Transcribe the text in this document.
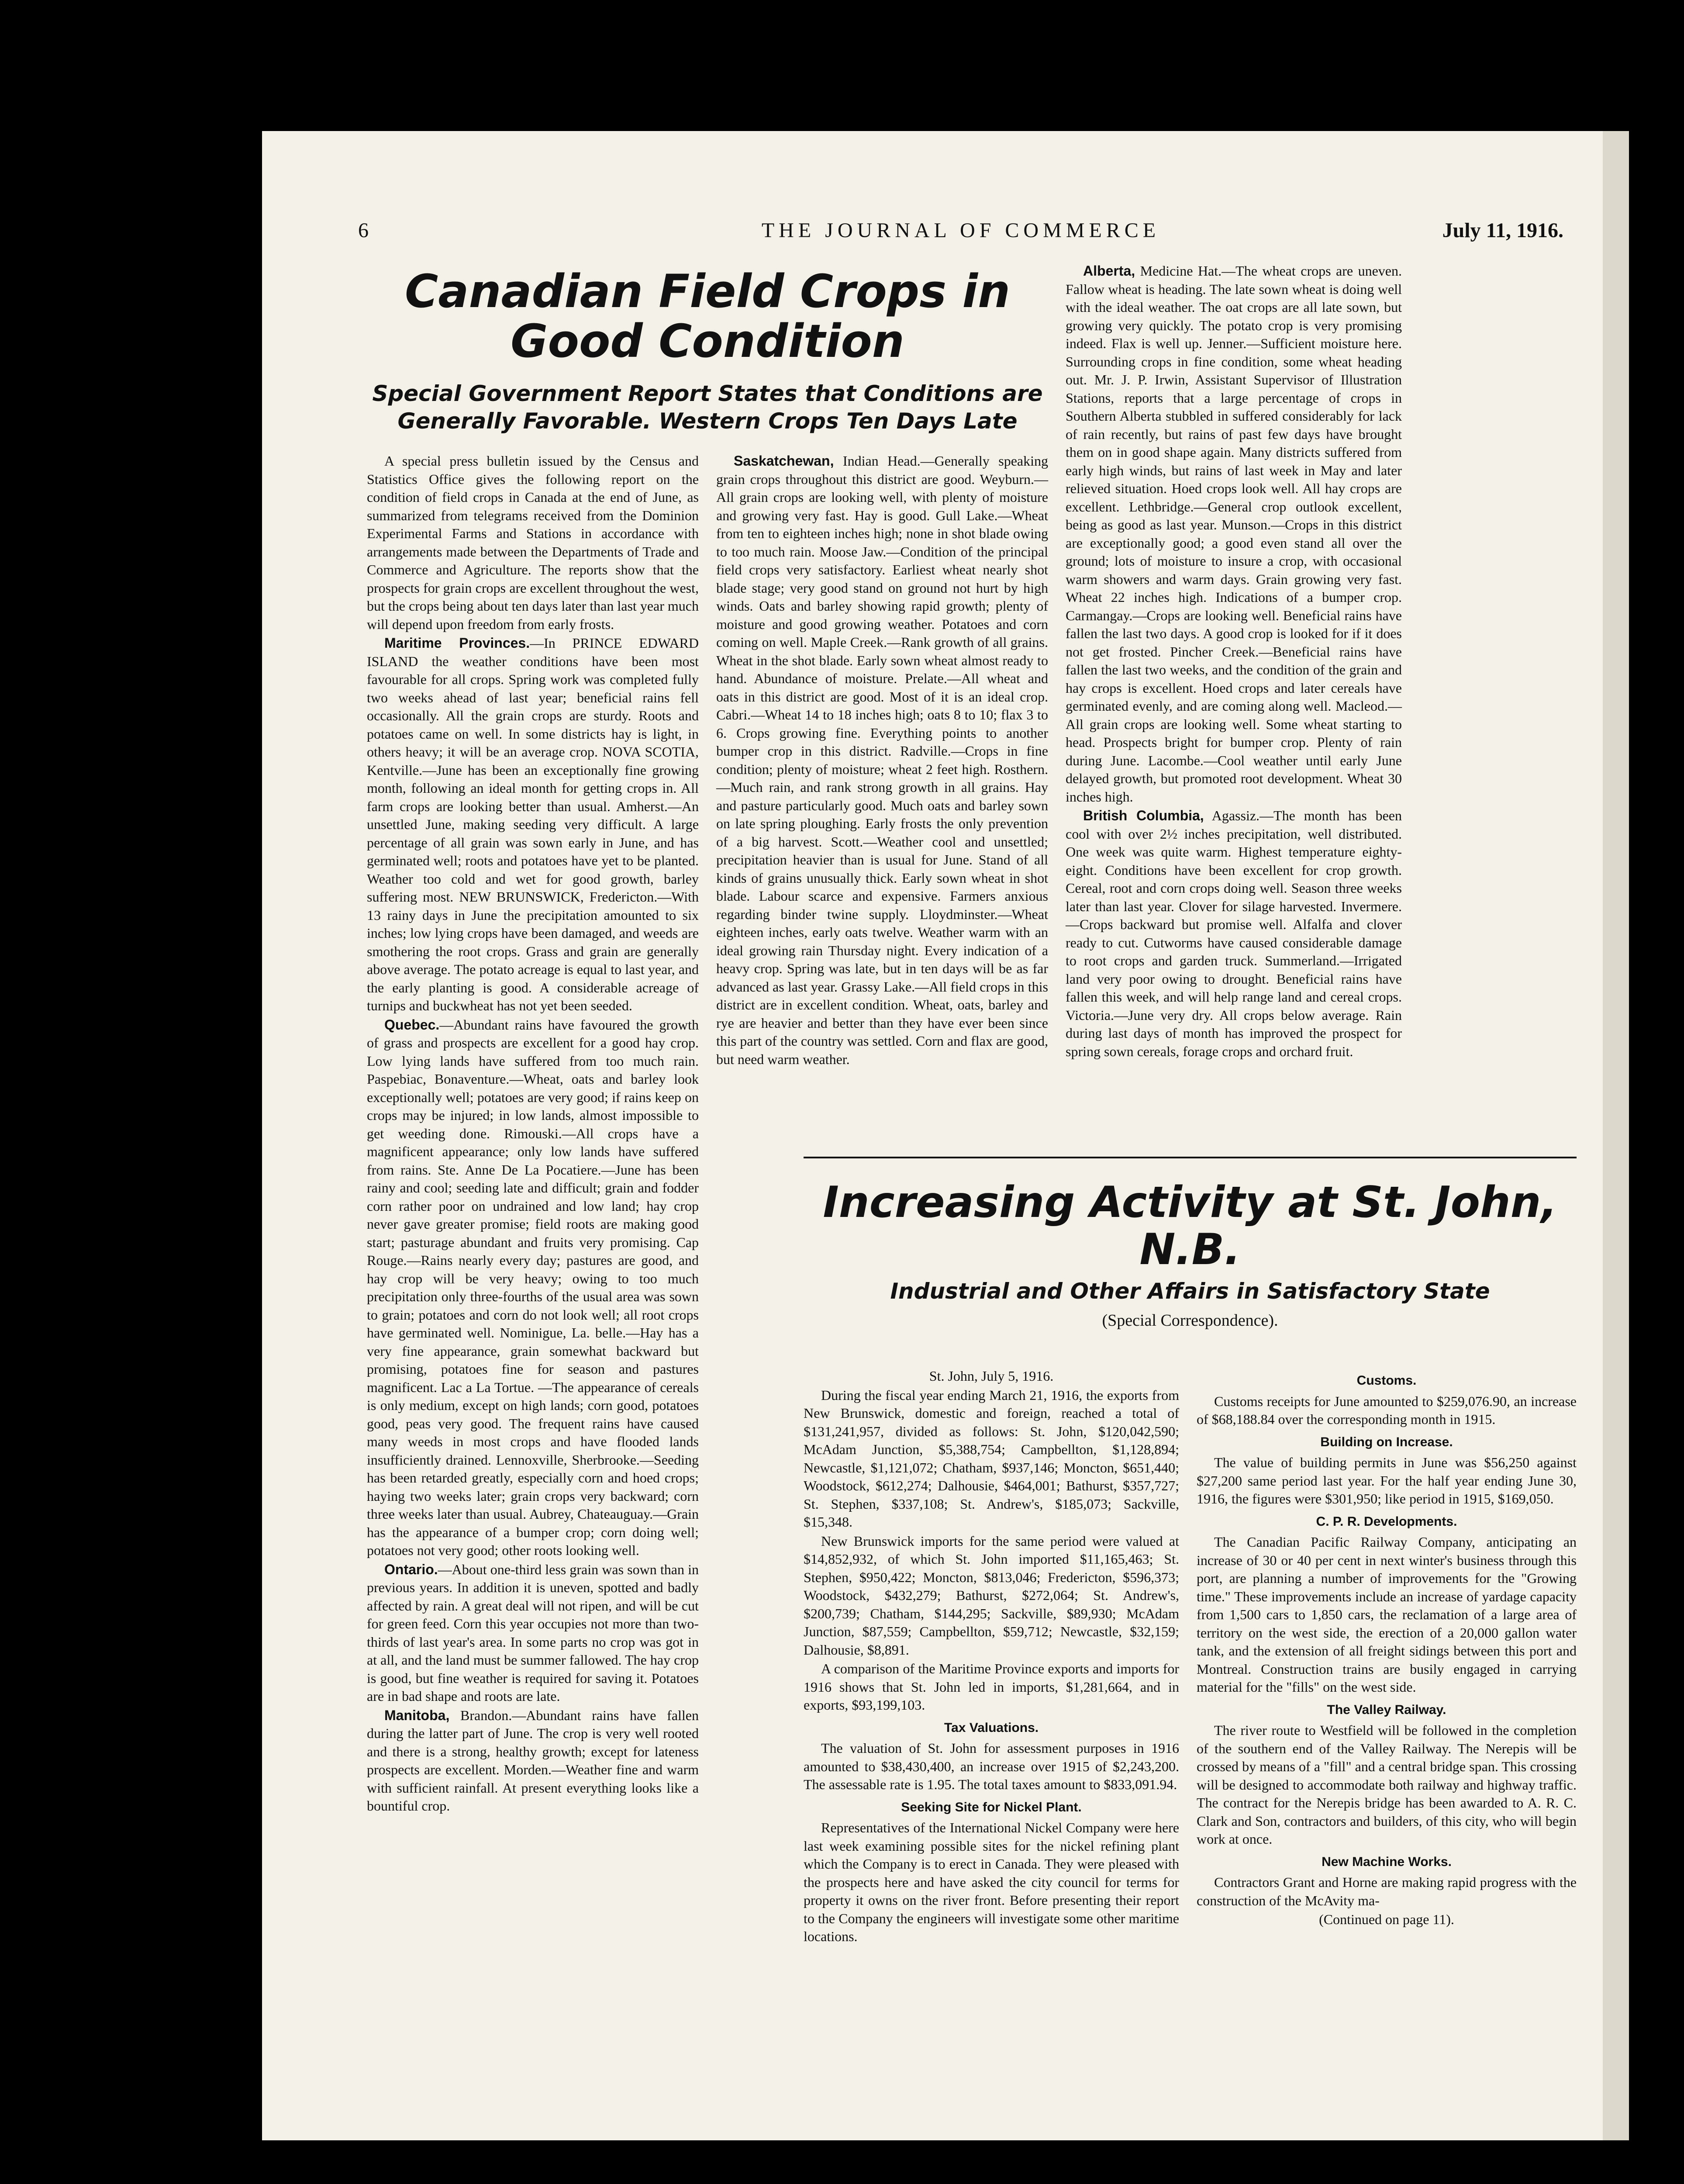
6	THE JOURNAL OF COMMERCE	July 11, 1916.
Canadian Field Crops in Good Condition
Special Government Report States that Conditions are Generally Favorable. Western Crops Ten Days Late

A special press bulletin issued by the Census and Statistics Office gives the following report on the condition of field crops in Canada at the end of June, as summarized from telegrams received from the Dominion Experimental Farms and Stations in accordance with arrangements made between the Departments of Trade and Commerce and Agriculture. The reports show that the prospects for grain crops are excellent throughout the west, but the crops being about ten days later than last year much will depend upon freedom from early frosts.

Maritime Provinces.—In PRINCE EDWARD ISLAND the weather conditions have been most favourable for all crops. Spring work was completed fully two weeks ahead of last year; beneficial rains fell occasionally. All the grain crops are sturdy. Roots and potatoes came on well. In some districts hay is light, in others heavy; it will be an average crop. NOVA SCOTIA, Kentville.—June has been an exceptionally fine growing month, following an ideal month for getting crops in. All farm crops are looking better than usual. Amherst.—An unsettled June, making seeding very difficult. A large percentage of all grain was sown early in June, and has germinated well; roots and potatoes have yet to be planted. Weather too cold and wet for good growth, barley suffering most. NEW BRUNSWICK, Fredericton.—With 13 rainy days in June the precipitation amounted to six inches; low lying crops have been damaged, and weeds are smothering the root crops. Grass and grain are generally above average. The potato acreage is equal to last year, and the early planting is good. A considerable acreage of turnips and buckwheat has not yet been seeded.

Quebec.—Abundant rains have favoured the growth of grass and prospects are excellent for a good hay crop. Low lying lands have suffered from too much rain. Paspebiac, Bonaventure.—Wheat, oats and barley look exceptionally well; potatoes are very good; if rains keep on crops may be injured; in low lands, almost impossible to get weeding done. Rimouski.—All crops have a magnificent appearance; only low lands have suffered from rains. Ste. Anne De La Pocatiere.—June has been rainy and cool; seeding late and difficult; grain and fodder corn rather poor on undrained and low land; hay crop never gave greater promise; field roots are making good start; pasturage abundant and fruits very promising. Cap Rouge.—Rains nearly every day; pastures are good, and hay crop will be very heavy; owing to too much precipitation only three-fourths of the usual area was sown to grain; potatoes and corn do not look well; all root crops have germinated well. Nominigue, La. belle.—Hay has a very fine appearance, grain somewhat backward but promising, potatoes fine for season and pastures magnificent. Lac a La Tortue. —The appearance of cereals is only medium, except on high lands; corn good, potatoes good, peas very good. The frequent rains have caused many weeds in most crops and have flooded lands insufficiently drained. Lennoxville, Sherbrooke.—Seeding has been retarded greatly, especially corn and hoed crops; haying two weeks later; grain crops very backward; corn three weeks later than usual. Aubrey, Chateauguay.—Grain has the appearance of a bumper crop; corn doing well; potatoes not very good; other roots looking well.

Ontario.—About one-third less grain was sown than in previous years. In addition it is uneven, spotted and badly affected by rain. A great deal will not ripen, and will be cut for green feed. Corn this year occupies not more than two-thirds of last year's area. In some parts no crop was got in at all, and the land must be summer fallowed. The hay crop is good, but fine weather is required for saving it. Potatoes are in bad shape and roots are late.

Manitoba, Brandon.—Abundant rains have fallen during the latter part of June. The crop is very well rooted and there is a strong, healthy growth; except for lateness prospects are excellent. Morden.—Weather fine and warm with sufficient rainfall. At present everything looks like a bountiful crop.

Saskatchewan, Indian Head.—Generally speaking grain crops throughout this district are good. Weyburn.—All grain crops are looking well, with plenty of moisture and growing very fast. Hay is good. Gull Lake.—Wheat from ten to eighteen inches high; none in shot blade owing to too much rain. Moose Jaw.—Condition of the principal field crops very satisfactory. Earliest wheat nearly shot blade stage; very good stand on ground not hurt by high winds. Oats and barley showing rapid growth; plenty of moisture and good growing weather. Potatoes and corn coming on well. Maple Creek.—Rank growth of all grains. Wheat in the shot blade. Early sown wheat almost ready to hand. Abundance of moisture. Prelate.—All wheat and oats in this district are good. Most of it is an ideal crop. Cabri.—Wheat 14 to 18 inches high; oats 8 to 10; flax 3 to 6. Crops growing fine. Everything points to another bumper crop in this district. Radville.—Crops in fine condition; plenty of moisture; wheat 2 feet high. Rosthern.—Much rain, and rank strong growth in all grains. Hay and pasture particularly good. Much oats and barley sown on late spring ploughing. Early frosts the only prevention of a big harvest. Scott.—Weather cool and unsettled; precipitation heavier than is usual for June. Stand of all kinds of grains unusually thick. Early sown wheat in shot blade. Labour scarce and expensive. Farmers anxious regarding binder twine supply. Lloydminster.—Wheat eighteen inches, early oats twelve. Weather warm with an ideal growing rain Thursday night. Every indication of a heavy crop. Spring was late, but in ten days will be as far advanced as last year. Grassy Lake.—All field crops in this district are in excellent condition. Wheat, oats, barley and rye are heavier and better than they have ever been since this part of the country was settled. Corn and flax are good, but need warm weather.

Alberta, Medicine Hat.—The wheat crops are uneven. Fallow wheat is heading. The late sown wheat is doing well with the ideal weather. The oat crops are all late sown, but growing very quickly. The potato crop is very promising indeed. Flax is well up. Jenner.—Sufficient moisture here. Surrounding crops in fine condition, some wheat heading out. Mr. J. P. Irwin, Assistant Supervisor of Illustration Stations, reports that a large percentage of crops in Southern Alberta stubbled in suffered considerably for lack of rain recently, but rains of past few days have brought them on in good shape again. Many districts suffered from early high winds, but rains of last week in May and later relieved situation. Hoed crops look well. All hay crops are excellent. Lethbridge.—General crop outlook excellent, being as good as last year. Munson.—Crops in this district are exceptionally good; a good even stand all over the ground; lots of moisture to insure a crop, with occasional warm showers and warm days. Grain growing very fast. Wheat 22 inches high. Indications of a bumper crop. Carmangay.—Crops are looking well. Beneficial rains have fallen the last two days. A good crop is looked for if it does not get frosted. Pincher Creek.—Beneficial rains have fallen the last two weeks, and the condition of the grain and hay crops is excellent. Hoed crops and later cereals have germinated evenly, and are coming along well. Macleod.—All grain crops are looking well. Some wheat starting to head. Prospects bright for bumper crop. Plenty of rain during June. Lacombe.—Cool weather until early June delayed growth, but promoted root development. Wheat 30 inches high.

British Columbia, Agassiz.—The month has been cool with over 2½ inches precipitation, well distributed. One week was quite warm. Highest temperature eighty-eight. Conditions have been excellent for crop growth. Cereal, root and corn crops doing well. Season three weeks later than last year. Clover for silage harvested. Invermere.—Crops backward but promise well. Alfalfa and clover ready to cut. Cutworms have caused considerable damage to root crops and garden truck. Summerland.—Irrigated land very poor owing to drought. Beneficial rains have fallen this week, and will help range land and cereal crops. Victoria.—June very dry. All crops below average. Rain during last days of month has improved the prospect for spring sown cereals, forage crops and orchard fruit.

Increasing Activity at St. John, N.B.
Industrial and Other Affairs in Satisfactory State
(Special Correspondence).

St. John, July 5, 1916.

During the fiscal year ending March 21, 1916, the exports from New Brunswick, domestic and foreign, reached a total of $131,241,957, divided as follows: St. John, $120,042,590; McAdam Junction, $5,388,754; Campbellton, $1,128,894; Newcastle, $1,121,072; Chatham, $937,146; Moncton, $651,440; Woodstock, $612,274; Dalhousie, $464,001; Bathurst, $357,727; St. Stephen, $337,108; St. Andrew's, $185,073; Sackville, $15,348.

New Brunswick imports for the same period were valued at $14,852,932, of which St. John imported $11,165,463; St. Stephen, $950,422; Moncton, $813,046; Fredericton, $596,373; Woodstock, $432,279; Bathurst, $272,064; St. Andrew's, $200,739; Chatham, $144,295; Sackville, $89,930; McAdam Junction, $87,559; Campbellton, $59,712; Newcastle, $32,159; Dalhousie, $8,891.

A comparison of the Maritime Province exports and imports for 1916 shows that St. John led in imports, $1,281,664, and in exports, $93,199,103.

Tax Valuations.

The valuation of St. John for assessment purposes in 1916 amounted to $38,430,400, an increase over 1915 of $2,243,200. The assessable rate is 1.95. The total taxes amount to $833,091.94.

Seeking Site for Nickel Plant.

Representatives of the International Nickel Company were here last week examining possible sites for the nickel refining plant which the Company is to erect in Canada. They were pleased with the prospects here and have asked the city council for terms for property it owns on the river front. Before presenting their report to the Company the engineers will investigate some other maritime locations.

Customs.

Customs receipts for June amounted to $259,076.90, an increase of $68,188.84 over the corresponding month in 1915.

Building on Increase.

The value of building permits in June was $56,250 against $27,200 same period last year. For the half year ending June 30, 1916, the figures were $301,950; like period in 1915, $169,050.

C. P. R. Developments.

The Canadian Pacific Railway Company, anticipating an increase of 30 or 40 per cent in next winter's business through this port, are planning a number of improvements for the "Growing time." These improvements include an increase of yardage capacity from 1,500 cars to 1,850 cars, the reclamation of a large area of territory on the west side, the erection of a 20,000 gallon water tank, and the extension of all freight sidings between this port and Montreal. Construction trains are busily engaged in carrying material for the "fills" on the west side.

The Valley Railway.

The river route to Westfield will be followed in the completion of the southern end of the Valley Railway. The Nerepis will be crossed by means of a "fill" and a central bridge span. This crossing will be designed to accommodate both railway and highway traffic. The contract for the Nerepis bridge has been awarded to A. R. C. Clark and Son, contractors and builders, of this city, who will begin work at once.

New Machine Works.

Contractors Grant and Horne are making rapid progress with the construction of the McAvity ma-

(Continued on page 11).
